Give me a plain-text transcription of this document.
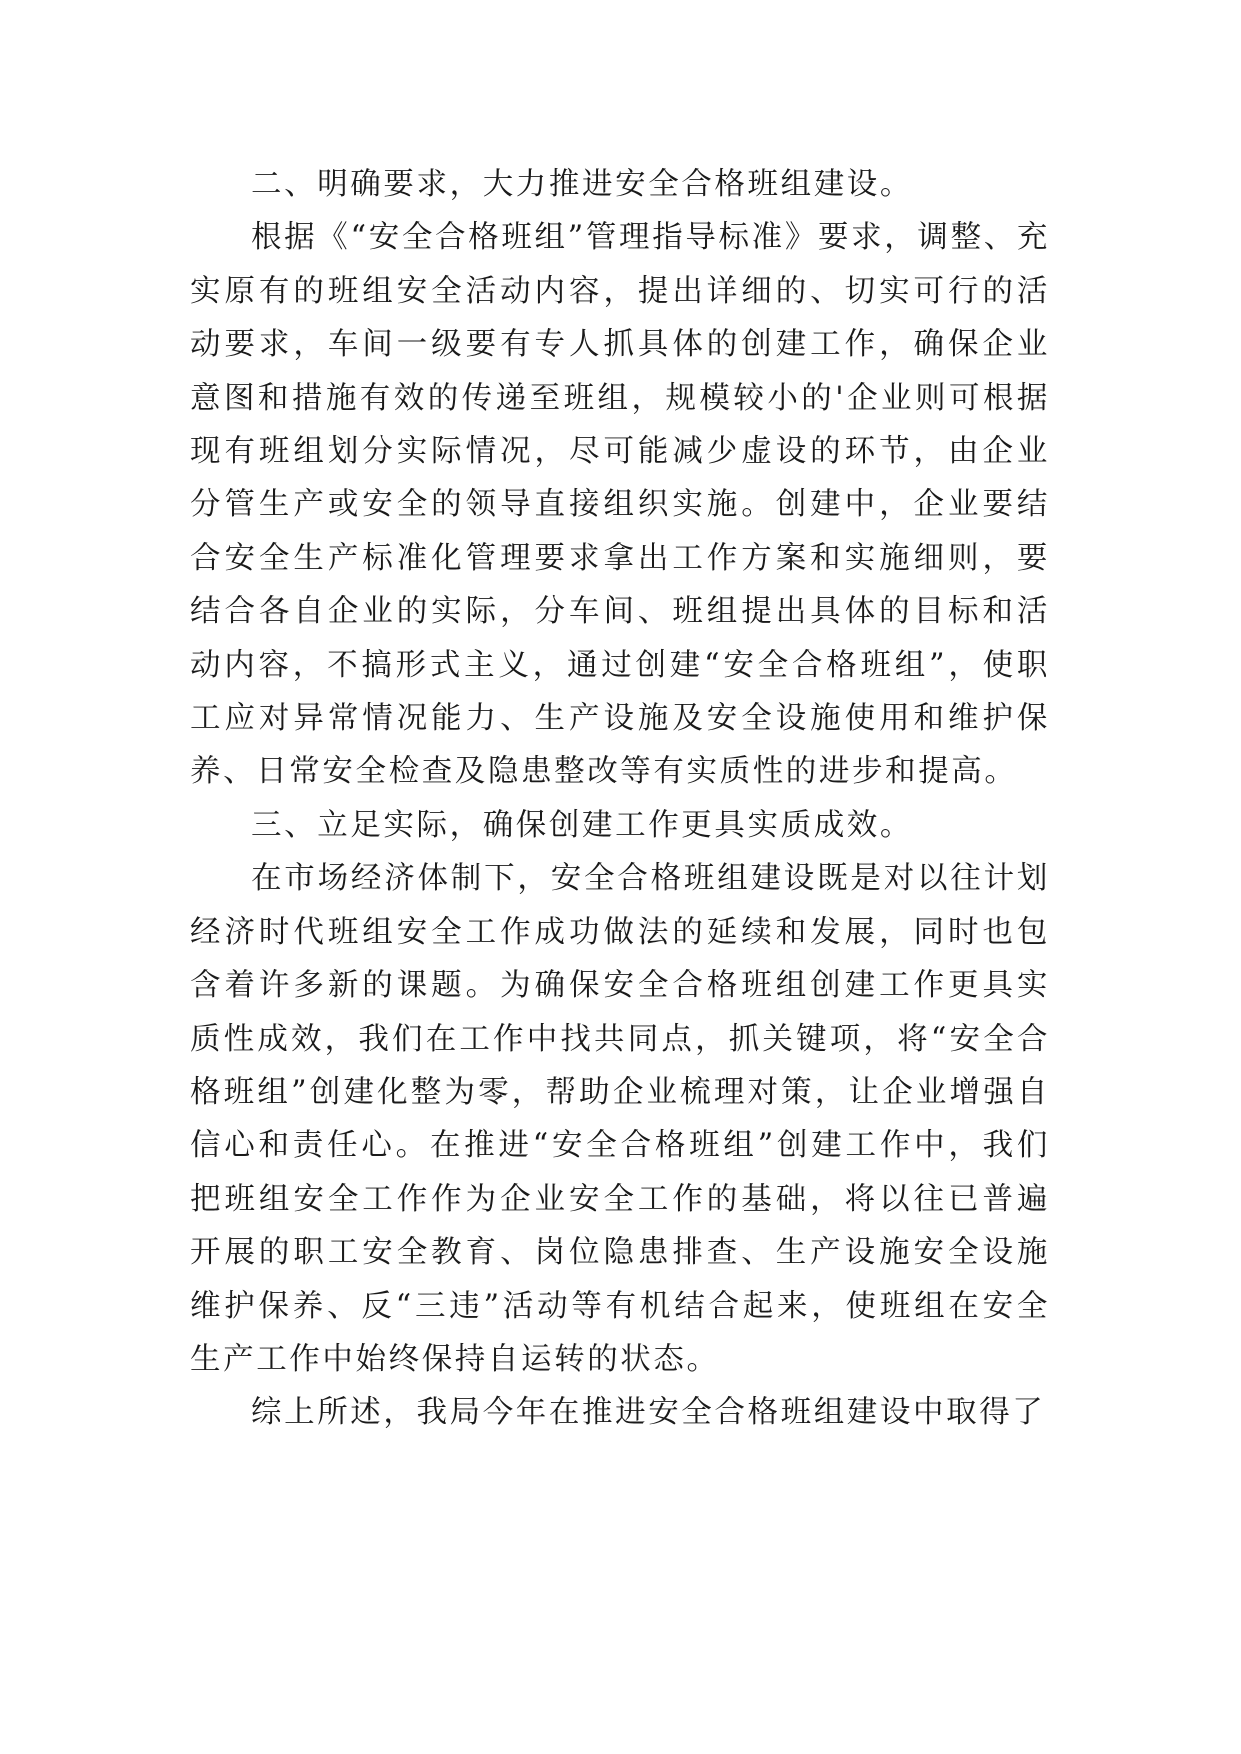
二、明确要求，大力推进安全合格班组建设。

根据《“安全合格班组”管理指导标准》要求，调整、充实原有的班组安全活动内容，提出详细的、切实可行的活动要求，车间一级要有专人抓具体的创建工作，确保企业意图和措施有效的传递至班组，规模较小的'企业则可根据现有班组划分实际情况，尽可能减少虚设的环节，由企业分管生产或安全的领导直接组织实施。创建中，企业要结合安全生产标准化管理要求拿出工作方案和实施细则，要结合各自企业的实际，分车间、班组提出具体的目标和活动内容，不搞形式主义，通过创建“安全合格班组”，使职工应对异常情况能力、生产设施及安全设施使用和维护保养、日常安全检查及隐患整改等有实质性的进步和提高。

三、立足实际，确保创建工作更具实质成效。

在市场经济体制下，安全合格班组建设既是对以往计划经济时代班组安全工作成功做法的延续和发展，同时也包含着许多新的课题。为确保安全合格班组创建工作更具实质性成效，我们在工作中找共同点，抓关键项，将“安全合格班组”创建化整为零，帮助企业梳理对策，让企业增强自信心和责任心。在推进“安全合格班组”创建工作中，我们把班组安全工作作为企业安全工作的基础，将以往已普遍开展的职工安全教育、岗位隐患排查、生产设施安全设施维护保养、反“三违”活动等有机结合起来，使班组在安全生产工作中始终保持自运转的状态。

综上所述，我局今年在推进安全合格班组建设中取得了
